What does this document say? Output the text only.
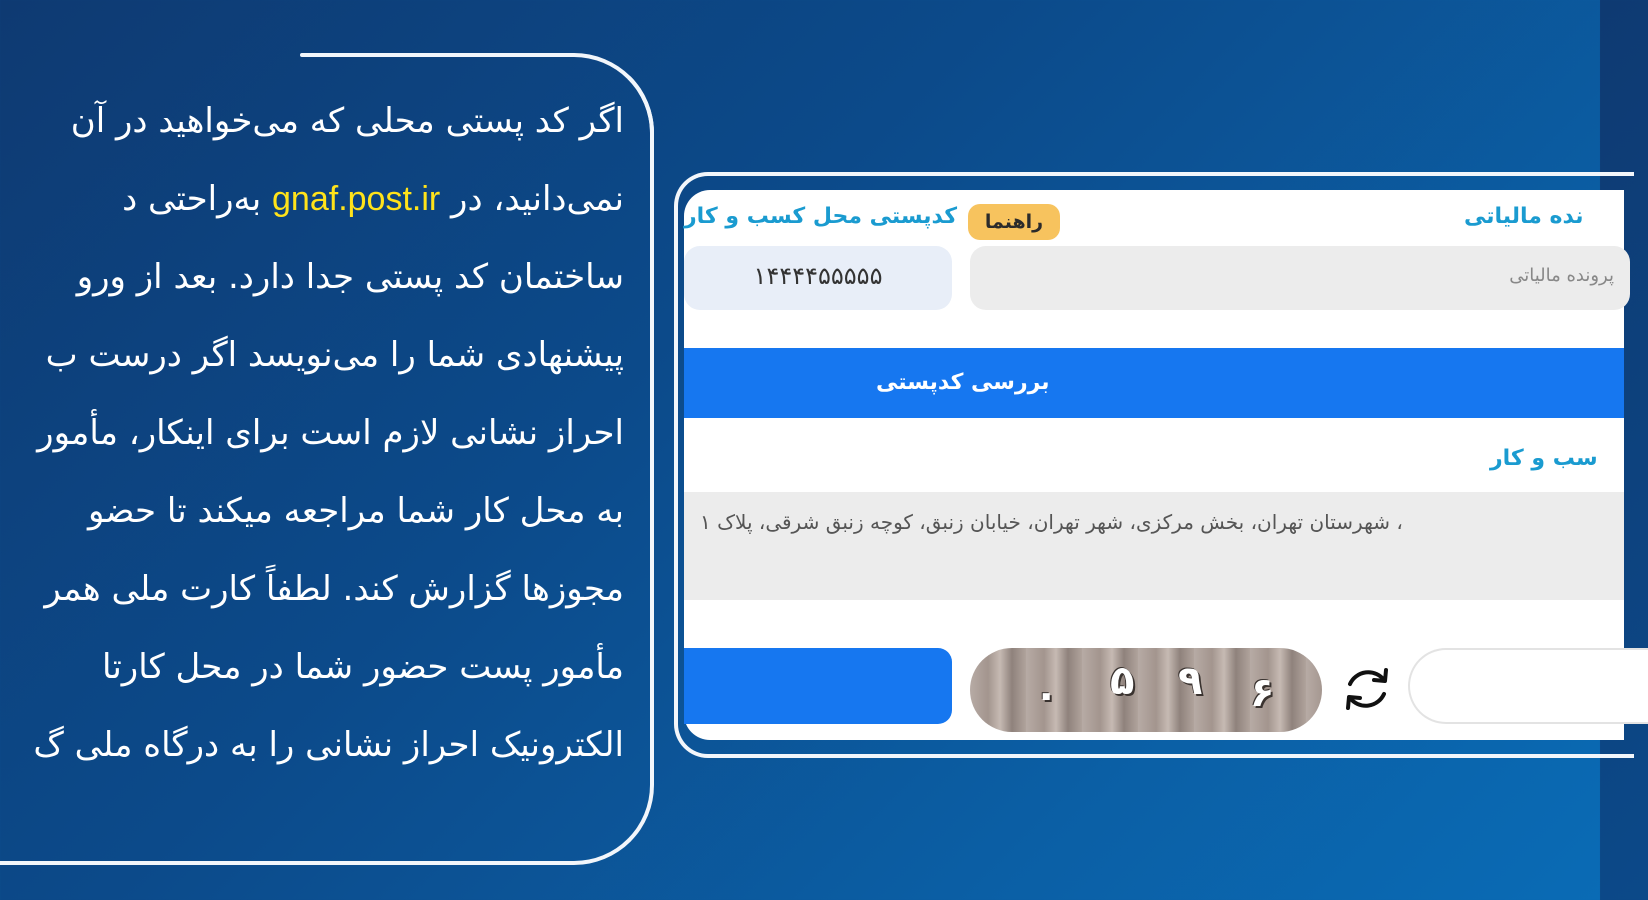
اگر کد پستی محلی که می‌خواهید در آن
نمی‌دانید، در gnaf.post.ir به‌راحتی د
ساختمان کد پستی جدا دارد. بعد از ورو
پیشنهادی شما را می‌نویسد اگر درست ب
احراز نشانی لازم است برای اینکار، مأمور
به محل کار شما مراجعه میکند تا حضو
مجوزها گزارش کند. لطفاً کارت ملی همر
مأمور پست حضور شما در محل کارتا
الکترونیک احراز نشانی را به درگاه ملی گ
کدپستی محل کسب و کار	راهنما	نده مالیاتی
۱۴۴۴۴۵۵۵۵۵	پرونده مالیاتی
بررسی کدپستی
سب و کار
، شهرستان تهران، بخش مرکزی، شهر تهران، خیابان زنبق، کوچه زنبق شرقی، پلاک ۱
۰ ۵ ۹ ۶
